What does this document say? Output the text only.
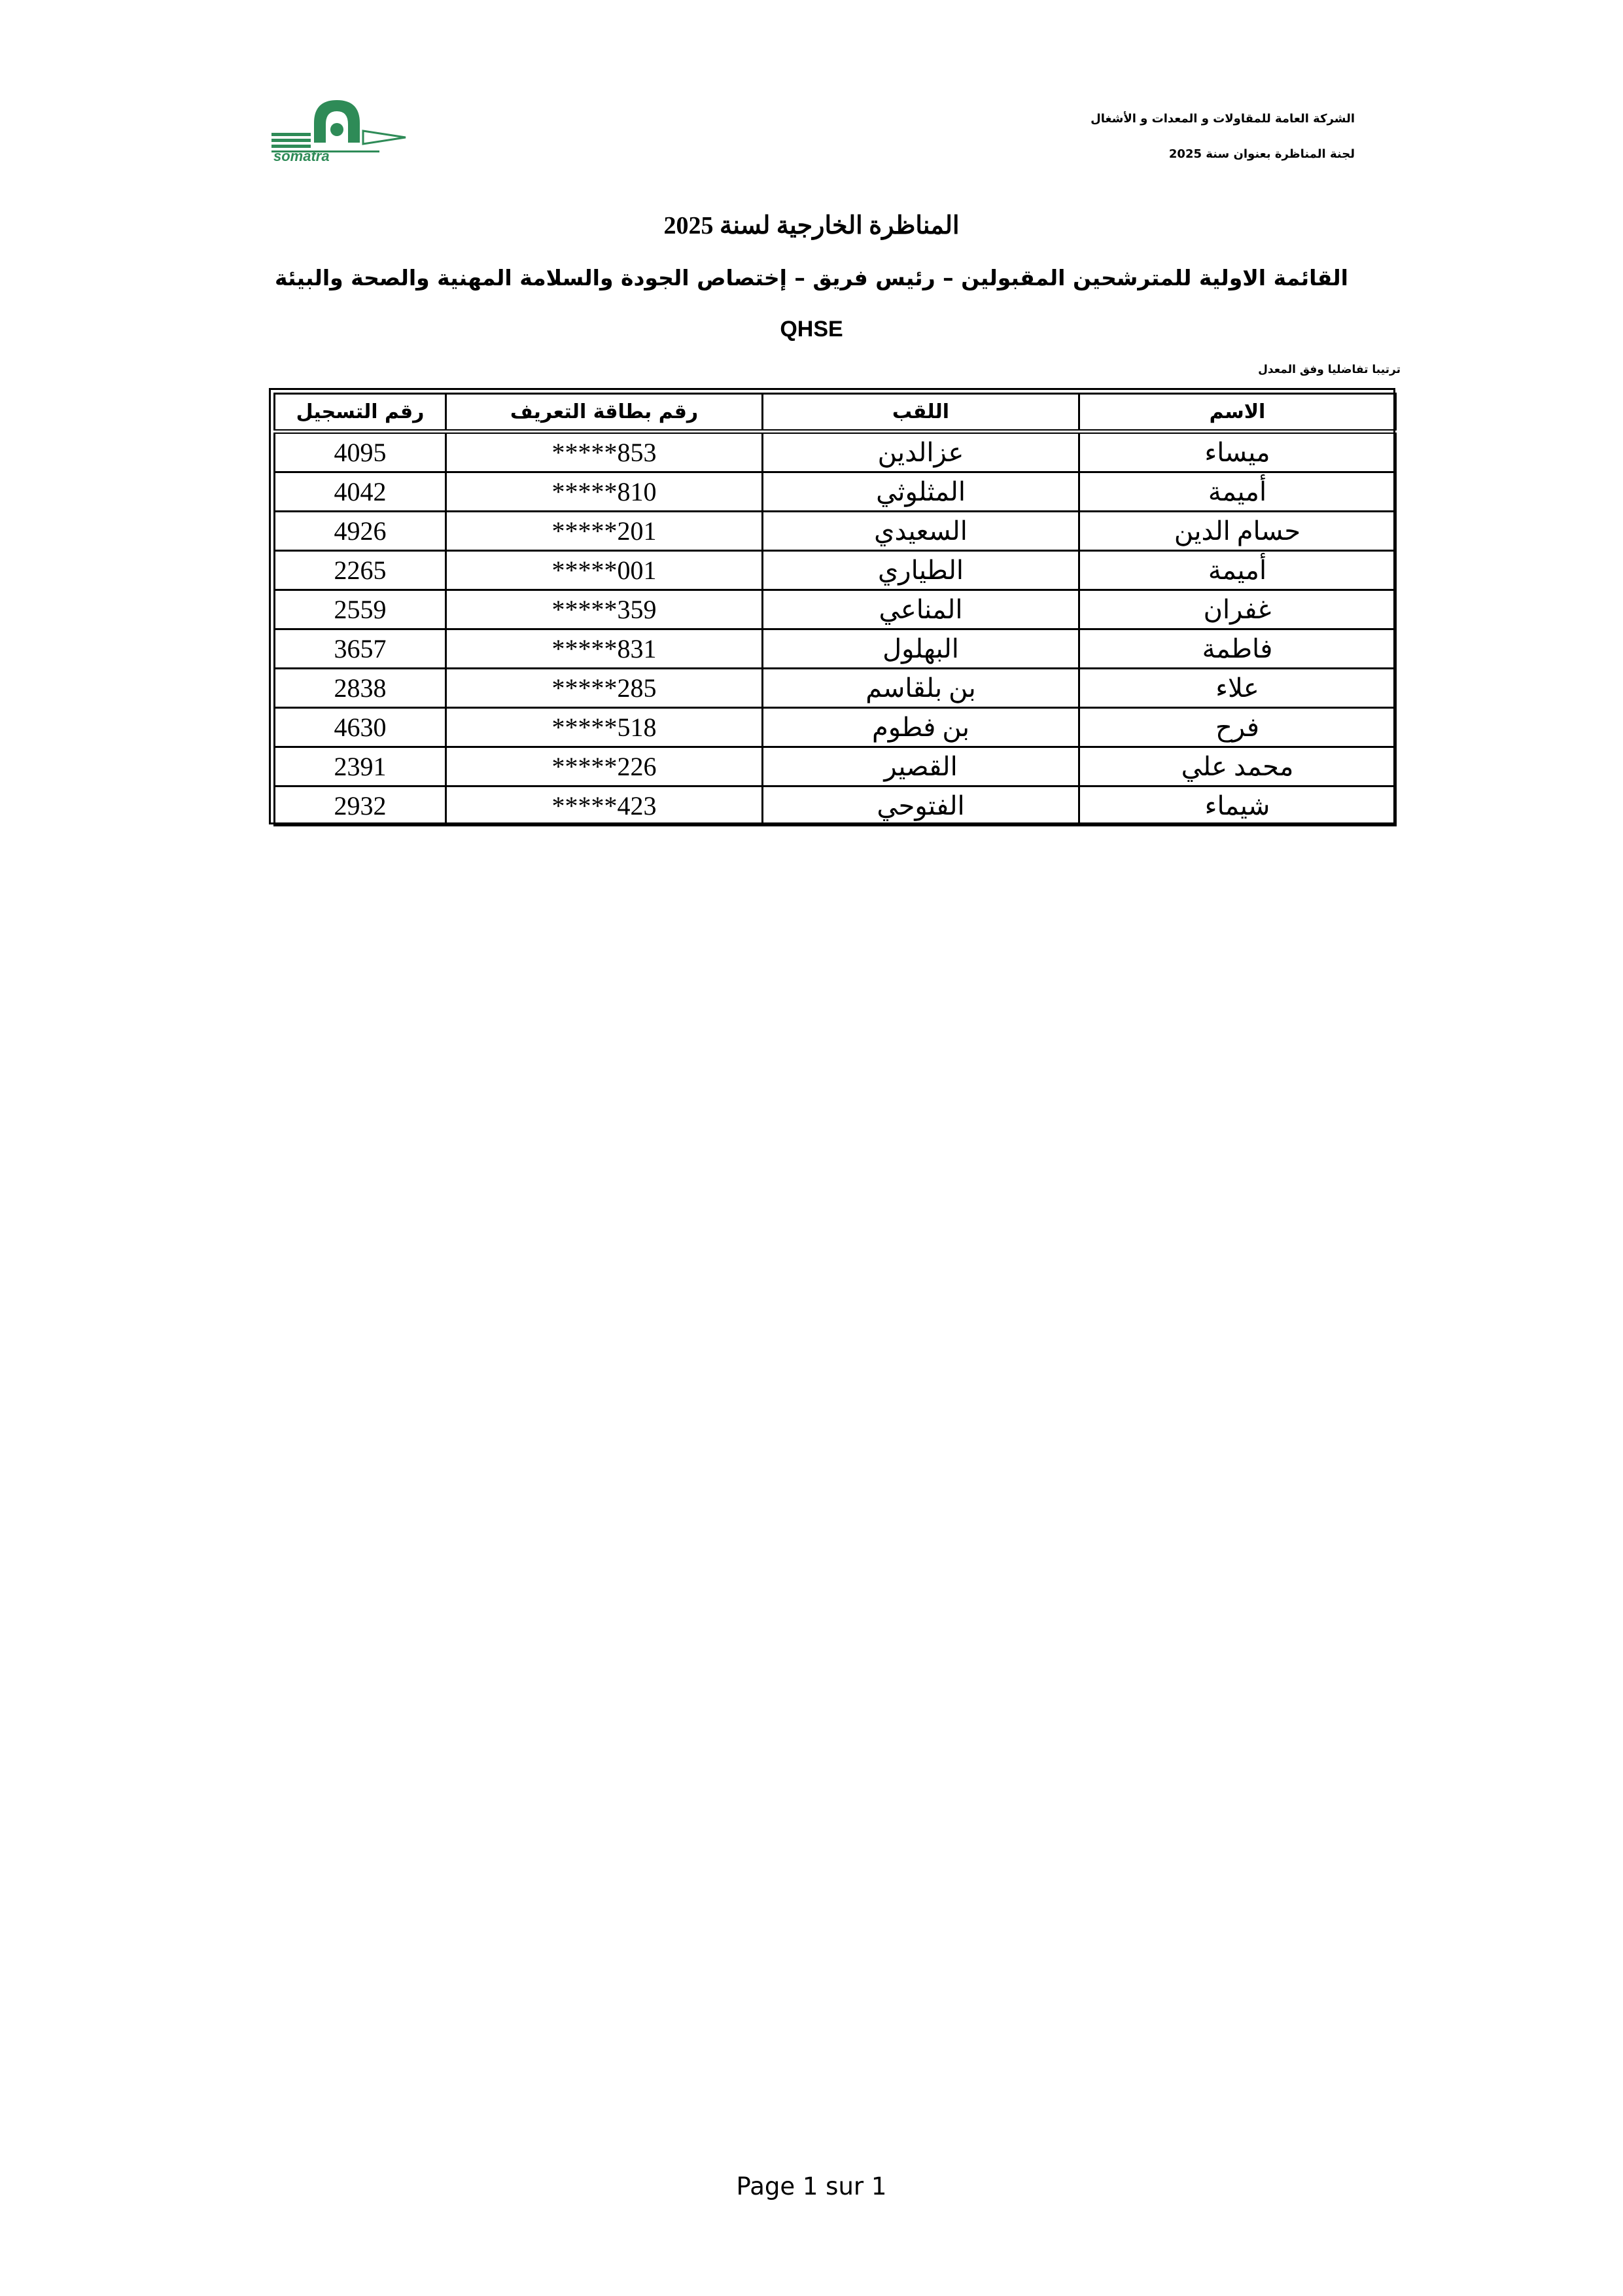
somatra
الشركة العامة للمقاولات و المعدات و الأشغال
لجنة المناظرة بعنوان سنة 2025
المناظرة الخارجية لسنة 2025
القائمة الاولية للمترشحين المقبولين – رئيس فريق – إختصاص الجودة والسلامة المهنية والصحة والبيئة
QHSE
ترتيبا تفاضليا وفق المعدل
الاسم	اللقب	رقم بطاقة التعريف	رقم التسجيل
ميساء	عزالدين	*****853	4095
أميمة	المثلوثي	*****810	4042
حسام الدين	السعيدي	*****201	4926
أميمة	الطياري	*****001	2265
غفران	المناعي	*****359	2559
فاطمة	البهلول	*****831	3657
علاء	بن بلقاسم	*****285	2838
فرح	بن فطوم	*****518	4630
محمد علي	القصير	*****226	2391
شيماء	الفتوحي	*****423	2932
Page 1 sur 1
